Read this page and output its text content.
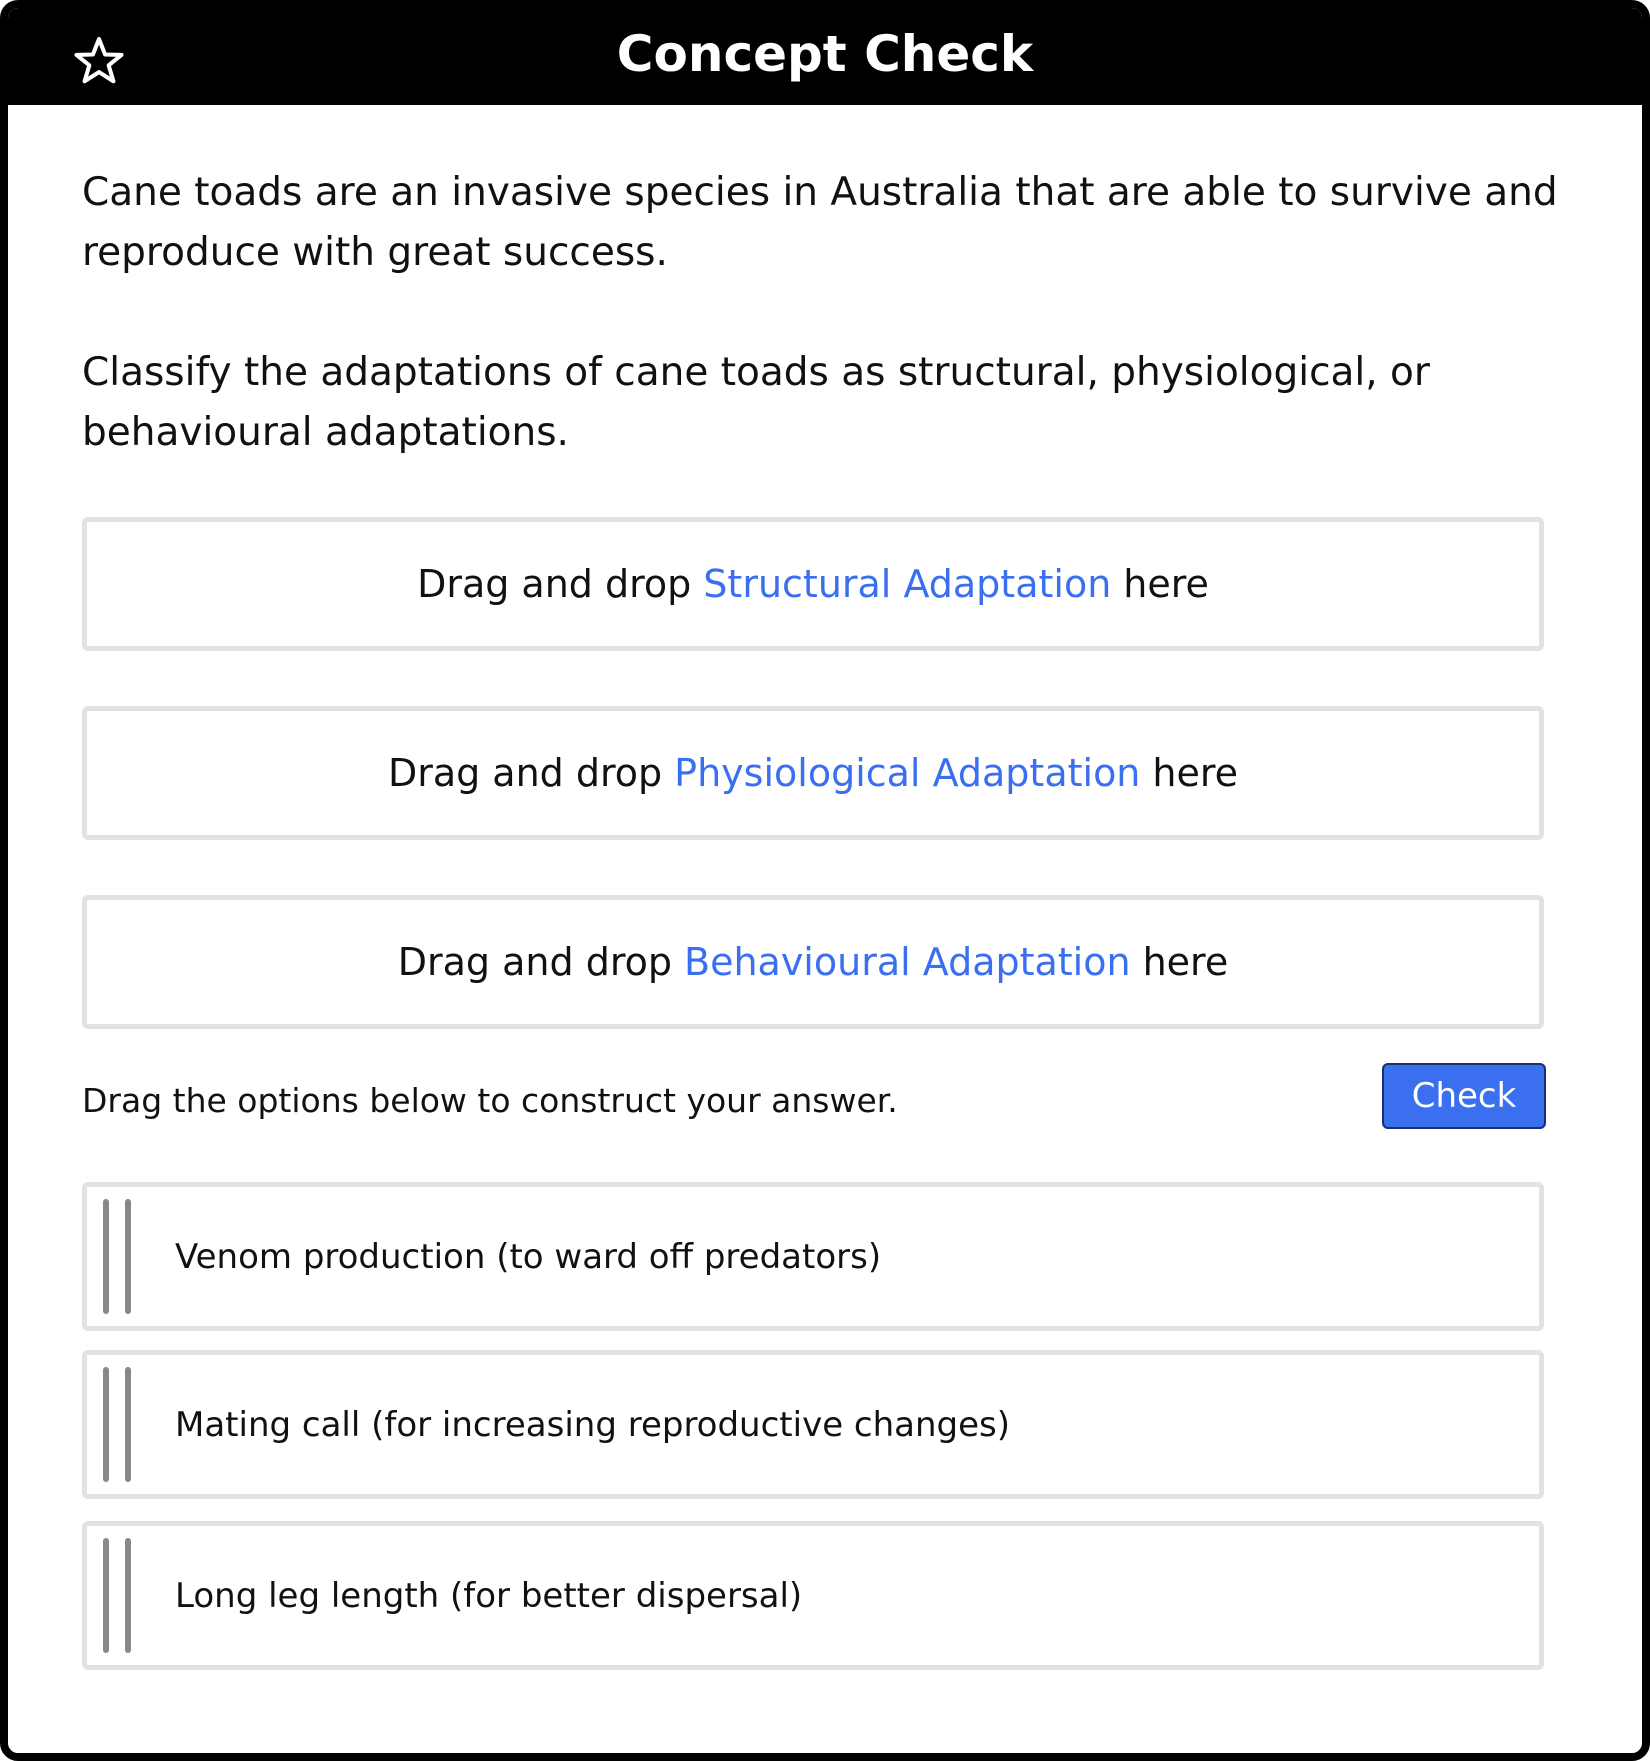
Concept Check

Cane toads are an invasive species in Australia that are able to survive and reproduce with great success.

Classify the adaptations of cane toads as structural, physiological, or behavioural adaptations.

Drag and drop Structural Adaptation here
Drag and drop Physiological Adaptation here
Drag and drop Behavioural Adaptation here
Drag the options below to construct your answer.	Check
Venom production (to ward off predators)
Mating call (for increasing reproductive changes)
Long leg length (for better dispersal)
